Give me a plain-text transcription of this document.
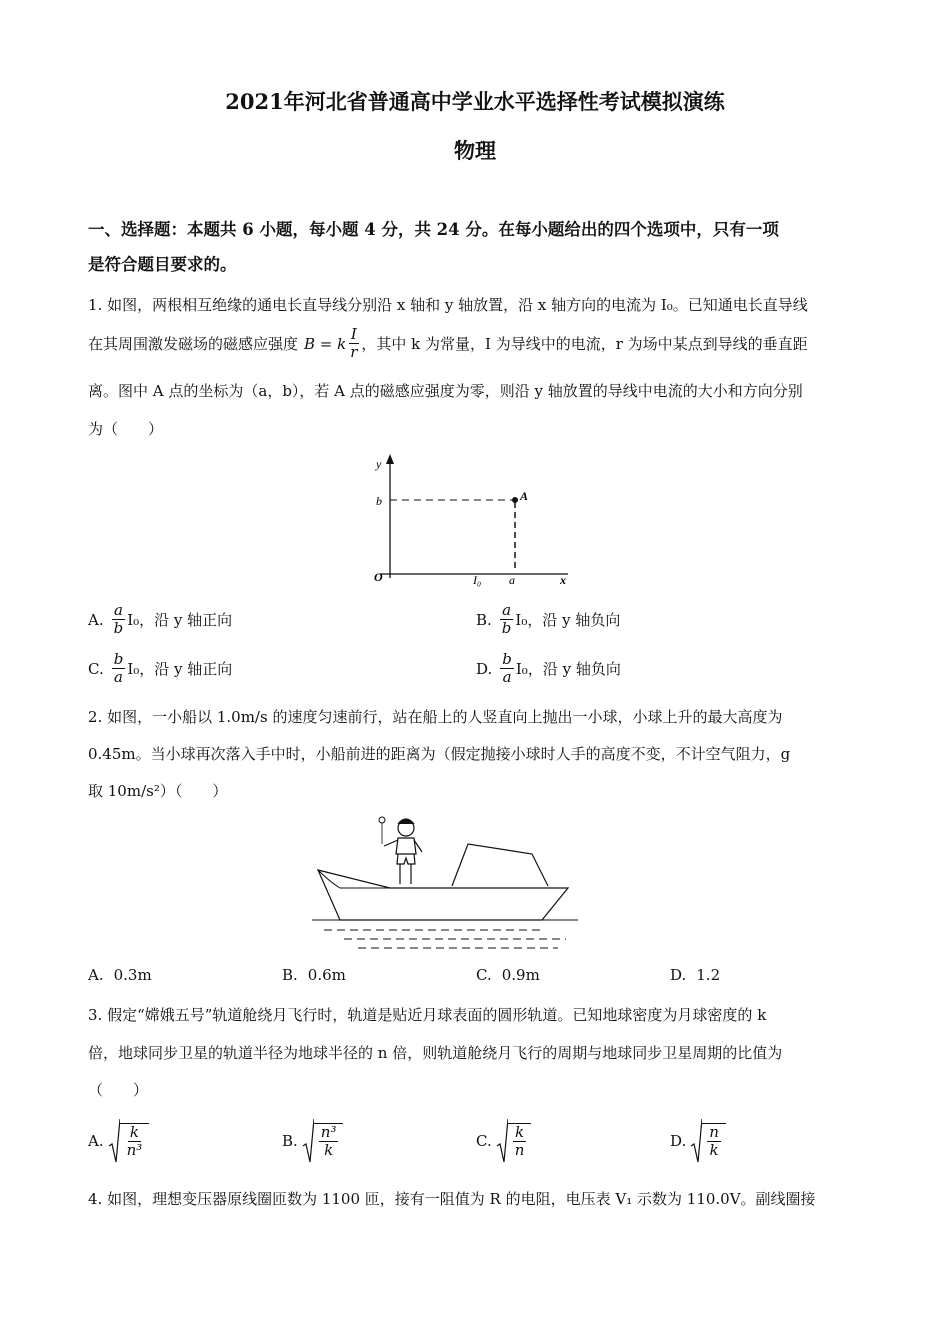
2021年河北省普通高中学业水平选择性考试模拟演练
物理
一、选择题：本题共 6 小题，每小题 4 分，共 24 分。在每小题给出的四个选项中，只有一项
是符合题目要求的。
1. 如图，两根相互绝缘的通电长直导线分别沿 x 轴和 y 轴放置，沿 x 轴方向的电流为 I₀。已知通电长直导线
在其周围激发磁场的磁感应强度 B = k $\frac{I}{r}$ ，其中 k 为常量，I 为导线中的电流，r 为场中某点到导线的垂直距
离。图中 A 点的坐标为（a，b），若 A 点的磁感应强度为零，则沿 y 轴放置的导线中电流的大小和方向分别
为（　　）
y
b	A
O	I₀ a	x
A. $\frac{a}{b} I_0$，沿 y 轴正向	B. $\frac{a}{b} I_0$，沿 y 轴负向
C. $\frac{b}{a} I_0$，沿 y 轴正向	D. $\frac{b}{a} I_0$，沿 y 轴负向
2. 如图，一小船以 1.0m/s 的速度匀速前行，站在船上的人竖直向上抛出一小球，小球上升的最大高度为
0.45m。当小球再次落入手中时，小船前进的距离为（假定抛接小球时人手的高度不变，不计空气阻力，g
取 10m/s²）（　　）
A. 0.3m	B. 0.6m	C. 0.9m	D. 1.2
3. 假定“嫦娥五号”轨道舱绕月飞行时，轨道是贴近月球表面的圆形轨道。已知地球密度为月球密度的 k
倍，地球同步卫星的轨道半径为地球半径的 n 倍，则轨道舱绕月飞行的周期与地球同步卫星周期的比值为
（　　）
A. $\frac{k}{\text{n³}}$	B. $\frac{\text{n³}}{k}$	C. $\frac{k}{n}$	D. $\frac{n}{k}$
4. 如图，理想变压器原线圈匝数为 1100 匝，接有一阻值为 R 的电阻，电压表 V₁ 示数为 110.0V。副线圈接
